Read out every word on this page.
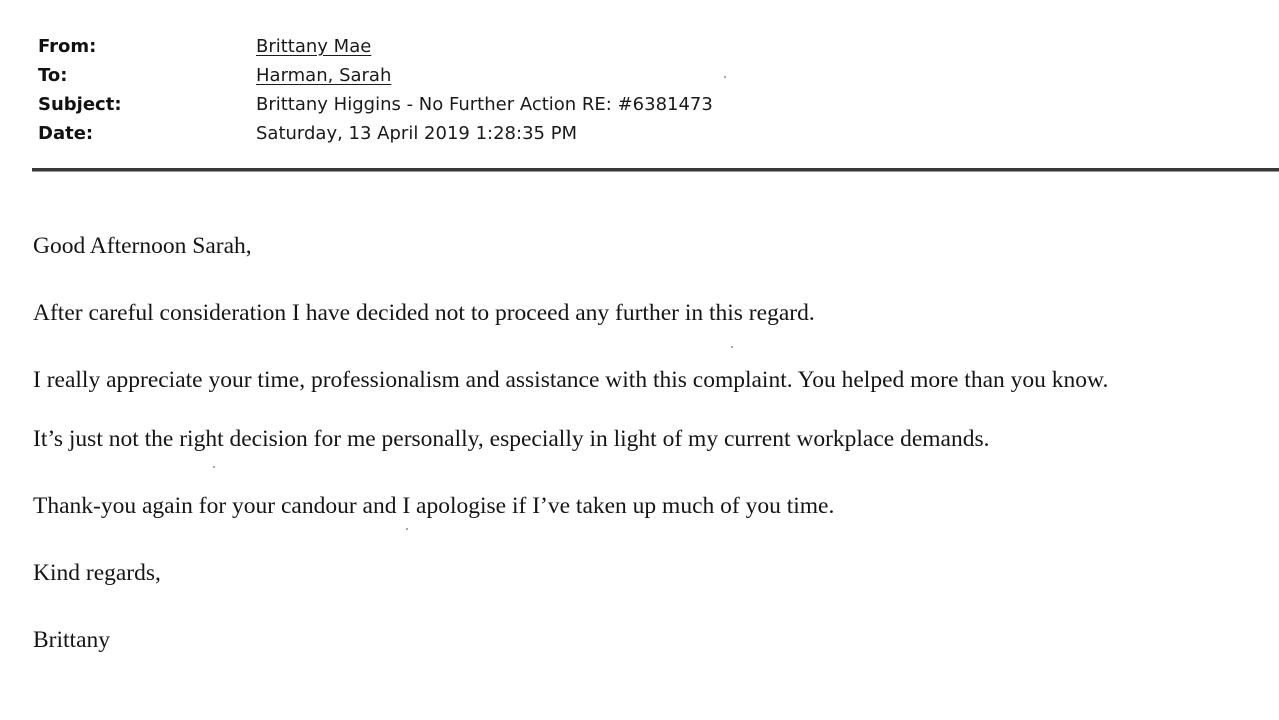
From:	Brittany Mae
To:	Harman, Sarah
Subject:	Brittany Higgins - No Further Action RE: #6381473
Date:	Saturday, 13 April 2019 1:28:35 PM

Good Afternoon Sarah,

After careful consideration I have decided not to proceed any further in this regard.

I really appreciate your time, professionalism and assistance with this complaint. You helped more than you know.

It’s just not the right decision for me personally, especially in light of my current workplace demands.

Thank-you again for your candour and I apologise if I’ve taken up much of you time.

Kind regards,

Brittany
